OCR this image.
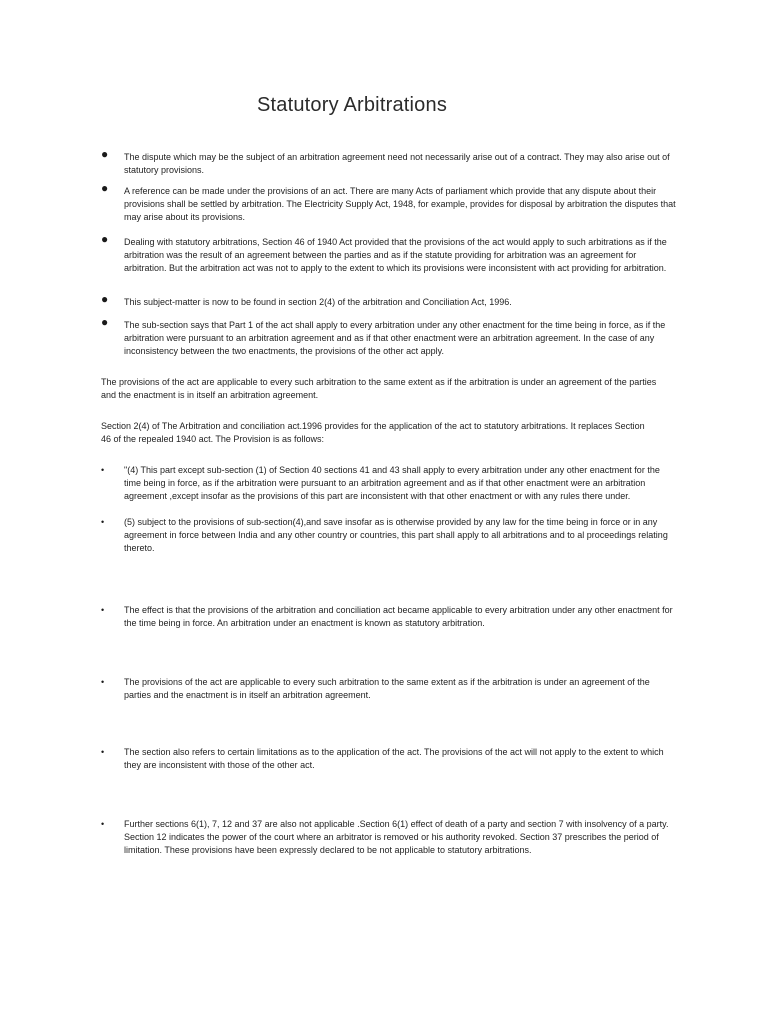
Statutory Arbitrations
● The dispute which may be the subject of an arbitration agreement need not necessarily arise out of a contract. They may also arise out of statutory provisions.

● A reference can be made under the provisions of an act. There are many Acts of parliament which provide that any dispute about their provisions shall be settled by arbitration. The Electricity Supply Act, 1948, for example, provides for disposal by arbitration the disputes that may arise about its provisions.

● Dealing with statutory arbitrations, Section 46 of 1940 Act provided that the provisions of the act would apply to such arbitrations as if the arbitration was the result of an agreement between the parties and as if the statute providing for arbitration was an agreement for arbitration. But the arbitration act was not to apply to the extent to which its provisions were inconsistent with act providing for arbitration.

● This subject-matter is now to be found in section 2(4) of the arbitration and Conciliation Act, 1996.

● The sub-section says that Part 1 of the act shall apply to every arbitration under any other enactment for the time being in force, as if the arbitration were pursuant to an arbitration agreement and as if that other enactment were an arbitration agreement. In the case of any inconsistency between the two enactments, the provisions of the other act apply.

The provisions of the act are applicable to every such arbitration to the same extent as if the arbitration is under an agreement of the parties and the enactment is in itself an arbitration agreement.

Section 2(4) of The Arbitration and conciliation act.1996 provides for the application of the act to statutory arbitrations. It replaces Section 46 of the repealed 1940 act. The Provision is as follows:

• "(4) This part except sub-section (1) of Section 40 sections 41 and 43 shall apply to every arbitration under any other enactment for the time being in force, as if the arbitration were pursuant to an arbitration agreement and as if that other enactment were an arbitration agreement ,except insofar as the provisions of this part are inconsistent with that other enactment or with any rules there under.

• (5) subject to the provisions of sub-section(4),and save insofar as is otherwise provided by any law for the time being in force or in any agreement in force between India and any other country or countries, this part shall apply to all arbitrations and to al proceedings relating thereto.

• The effect is that the provisions of the arbitration and conciliation act became applicable to every arbitration under any other enactment for the time being in force. An arbitration under an enactment is known as statutory arbitration.

• The provisions of the act are applicable to every such arbitration to the same extent as if the arbitration is under an agreement of the parties and the enactment is in itself an arbitration agreement.

• The section also refers to certain limitations as to the application of the act. The provisions of the act will not apply to the extent to which they are inconsistent with those of the other act.

• Further sections 6(1), 7, 12 and 37 are also not applicable .Section 6(1) effect of death of a party and section 7 with insolvency of a party. Section 12 indicates the power of the court where an arbitrator is removed or his authority revoked. Section 37 prescribes the period of limitation. These provisions have been expressly declared to be not applicable to statutory arbitrations.
